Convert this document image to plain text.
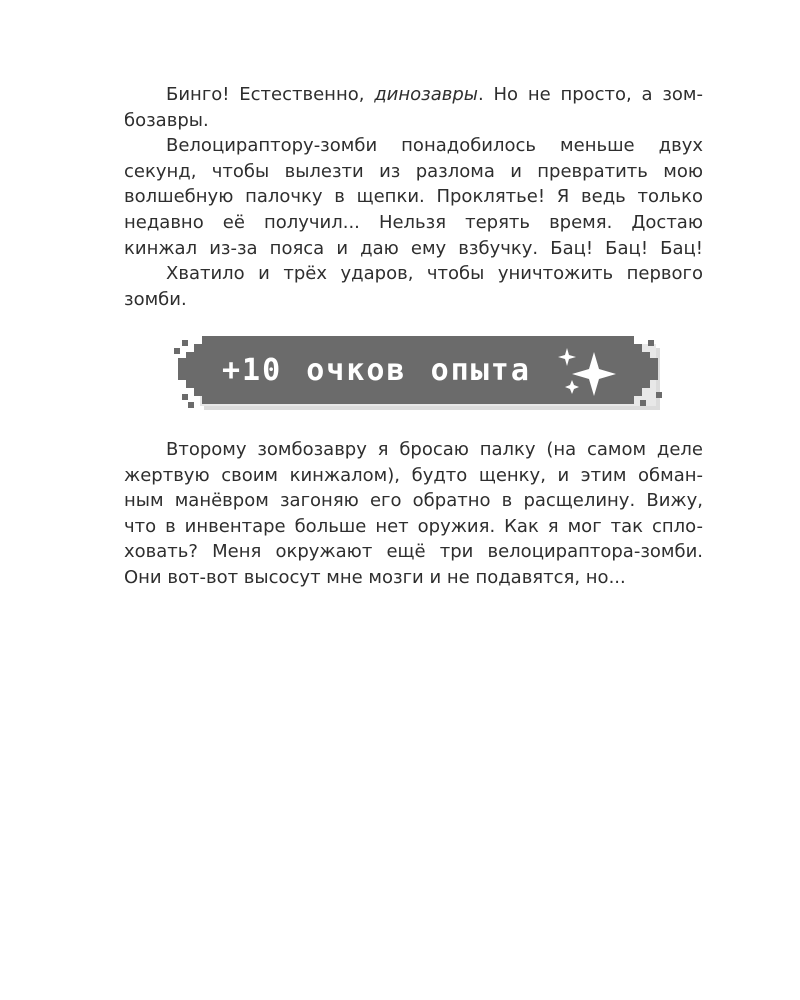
Бинго! Естественно, динозавры. Но не просто, а зом-
бозавры.
Велоцираптору-зомби понадобилось меньше двух
секунд, чтобы вылезти из разлома и превратить мою
волшебную палочку в щепки. Проклятье! Я ведь только
недавно её получил... Нельзя терять время. Достаю
кинжал из-за пояса и даю ему взбучку. Бац! Бац! Бац!
Хватило и трёх ударов, чтобы уничтожить первого
зомби.
+10 очков опыта
Второму зомбозавру я бросаю палку (на самом деле
жертвую своим кинжалом), будто щенку, и этим обман-
ным манёвром загоняю его обратно в расщелину. Вижу,
что в инвентаре больше нет оружия. Как я мог так сплo-
ховать? Меня окружают ещё три велоцираптора-зомби.
Они вот-вот высосут мне мозги и не подавятся, но...
